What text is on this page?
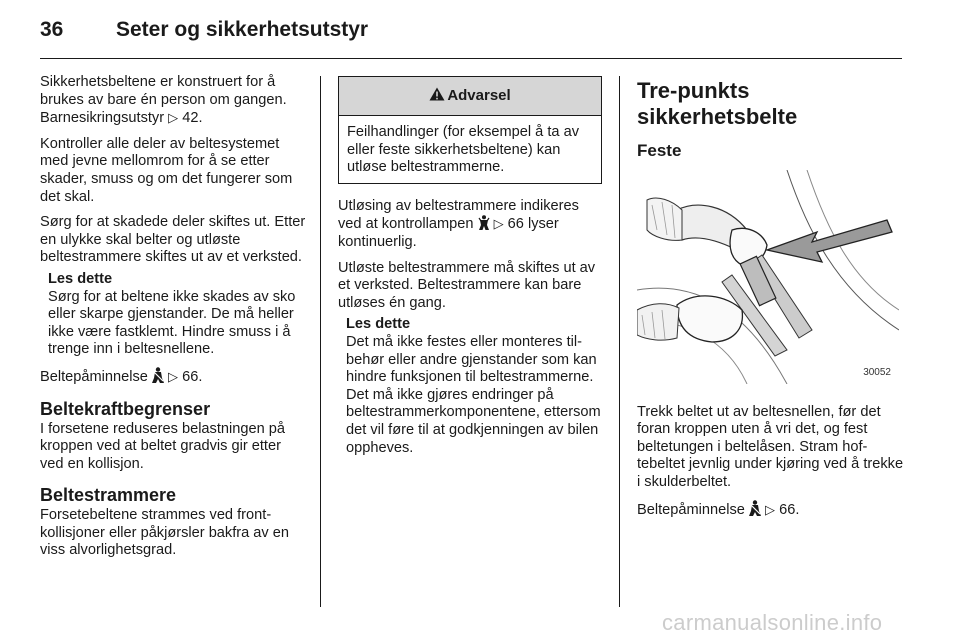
36	Seter og sikkerhetsutstyr

Sikkerhetsbeltene er konstruert for å brukes av bare én person om gangen. Barnesikringsutstyr ▷ 42.

Kontroller alle deler av beltesystemet med jevne mellomrom for å se etter skader, smuss og om det fungerer som det skal.

Sørg for at skadede deler skiftes ut. Etter en ulykke skal belter og utløste beltestrammere skiftes ut av et verksted.

Les dette
Sørg for at beltene ikke skades av sko eller skarpe gjenstander. De må heller ikke være fastklemt. Hindre smuss i å trenge inn i beltesnellene.

Beltepåminnelse ▷ 66.

Beltekraftbegrenser

I forsetene reduseres belastningen på kroppen ved at beltet gradvis gir etter ved en kollisjon.

Beltestrammere

Forsetebeltene strammes ved frontkollisjoner eller påkjørsler bakfra av en viss alvorlighetsgrad.

Advarsel
Feilhandlinger (for eksempel å ta av eller feste sikkerhetsbeltene) kan utløse beltestrammerne.

Utløsing av beltestrammere indikeres ved at kontrollampen ▷ 66 lyser kontinuerlig.

Utløste beltestrammere må skiftes ut av et verksted. Beltestrammere kan bare utløses én gang.

Les dette
Det må ikke festes eller monteres tilbehør eller andre gjenstander som kan hindre funksjonen til beltestrammerne. Det må ikke gjøres endringer på beltestrammerkomponentene, ettersom det vil føre til at godkjenningen av bilen oppheves.
Tre-punkts sikkerhetsbelte
Feste
30052

Trekk beltet ut av beltesnellen, før det foran kroppen uten å vri det, og fest beltetungen i beltelåsen. Stram hoftebeltet jevnlig under kjøring ved å trekke i skulderbeltet.

Beltepåminnelse ▷ 66.

carmanualsonline.info
